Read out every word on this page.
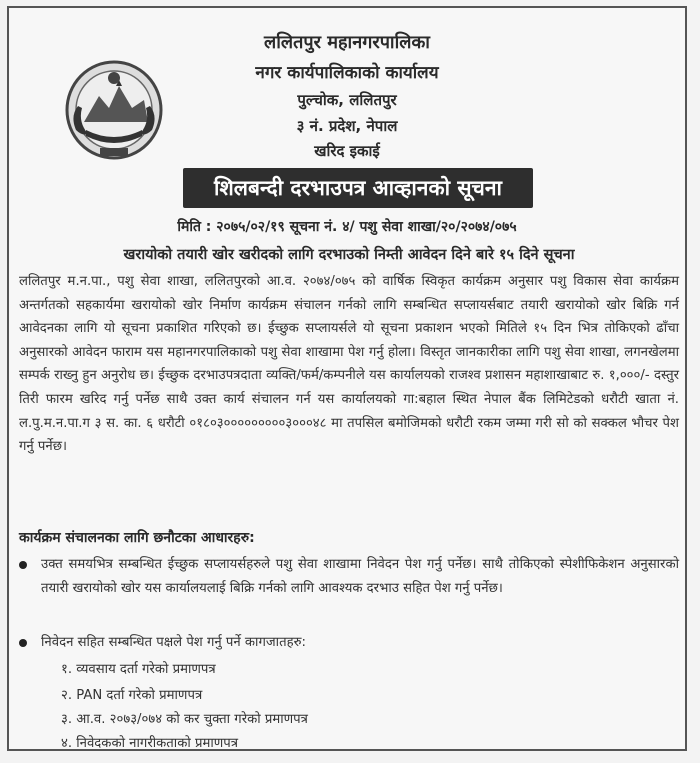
ललितपुर महानगरपालिका
नगर कार्यपालिकाको कार्यालय
पुल्चोक, ललितपुर
३ नं. प्रदेश, नेपाल
खरिद इकाई
शिलबन्दी दरभाउपत्र आव्हानको सूचना
मिति : २०७५/०२/१९ सूचना नं. ४/ पशु सेवा शाखा/२०/२०७४/०७५
खरायोको तयारी खोर खरीदको लागि दरभाउको निम्ती आवेदन दिने बारे १५ दिने सूचना
ललितपुर म.न.पा., पशु सेवा शाखा, ललितपुरको आ.व. २०७४/०७५ को वार्षिक स्विकृत कार्यक्रम अनुसार पशु विकास सेवा कार्यक्रम अन्तर्गतको सहकार्यमा खरायोको खोर निर्माण कार्यक्रम संचालन गर्नको लागि सम्बन्धित सप्लायर्सबाट तयारी खरायोको खोर बिक्रि गर्न आवेदनका लागि यो सूचना प्रकाशित गरिएको छ। ईच्छुक सप्लायर्सले यो सूचना प्रकाशन भएको मितिले १५ दिन भित्र तोकिएको ढाँचा अनुसारको आवेदन फाराम यस महानगरपालिकाको पशु सेवा शाखामा पेश गर्नु होला। विस्तृत जानकारीका लागि पशु सेवा शाखा, लगनखेलमा सम्पर्क राख्नु हुन अनुरोध छ। ईच्छुक दरभाउपत्रदाता व्यक्ति/फर्म/कम्पनीले यस कार्यालयको राजश्व प्रशासन महाशाखाबाट रु. १,०००/- दस्तुर तिरी फारम खरिद गर्नु पर्नेछ साथै उक्त कार्य संचालन गर्न यस कार्यालयको गा:बहाल स्थित नेपाल बैंक लिमिटेडको धरौटी खाता नं. ल.पु.म.न.पा.ग ३ स. का. ६ धरौटी ०१८०३०००००००००३०००४८ मा तपसिल बमोजिमको धरौटी रकम जम्मा गरी सो को सक्कल भौचर पेश गर्नु पर्नेछ।
कार्यक्रम संचालनका लागि छनौटका आधारहरु:
उक्त समयभित्र सम्बन्धित ईच्छुक सप्लायर्सहरुले पशु सेवा शाखामा निवेदन पेश गर्नु पर्नेछ। साथै तोकिएको स्पेशीफिकेशन अनुसारको तयारी खरायोको खोर यस कार्यालयलाई बिक्रि गर्नको लागि आवश्यक दरभाउ सहित पेश गर्नु पर्नेछ।
निवेदन सहित सम्बन्धित पक्षले पेश गर्नु पर्ने कागजातहरु:
१. व्यवसाय दर्ता गरेको प्रमाणपत्र
२. PAN दर्ता गरेको प्रमाणपत्र
३. आ.व. २०७३/०७४ को कर चुक्ता गरेको प्रमाणपत्र
४. निवेदकको नागरीकताको प्रमाणपत्र
